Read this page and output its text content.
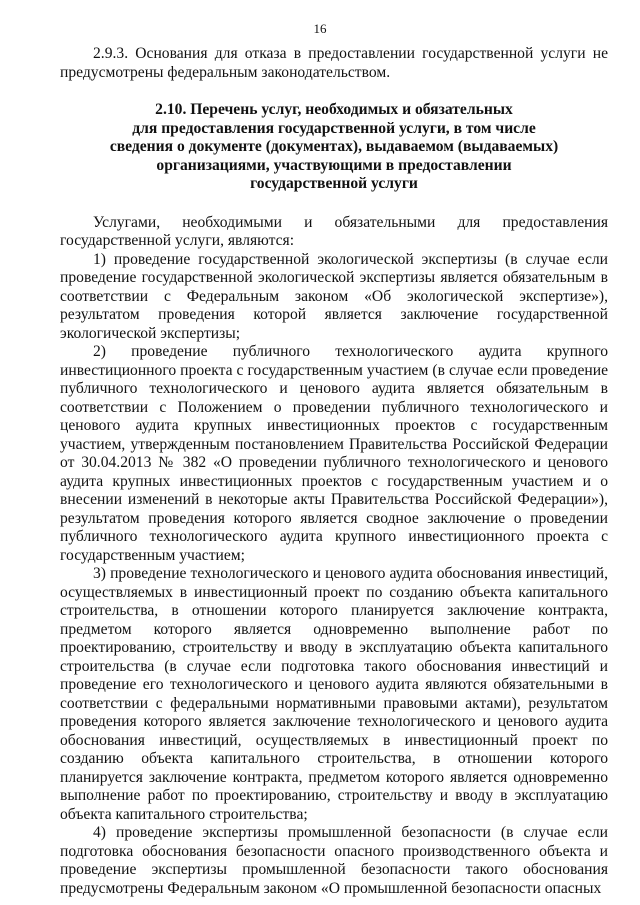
16

2.9.3. Основания для отказа в предоставлении государственной услуги не предусмотрены федеральным законодательством.

2.10. Перечень услуг, необходимых и обязательных
для предоставления государственной услуги, в том числе
сведения о документе (документах), выдаваемом (выдаваемых)
организациями, участвующими в предоставлении
государственной услуги

Услугами, необходимыми и обязательными для предоставления государственной услуги, являются:

1) проведение государственной экологической экспертизы (в случае если проведение государственной экологической экспертизы является обязательным в соответствии с Федеральным законом «Об экологической экспертизе»), результатом проведения которой является заключение государственной экологической экспертизы;

2) проведение публичного технологического аудита крупного инвестиционного проекта с государственным участием (в случае если проведение публичного технологического и ценового аудита является обязательным в соответствии с Положением о проведении публичного технологического и ценового аудита крупных инвестиционных проектов с государственным участием, утвержденным постановлением Правительства Российской Федерации от 30.04.2013 № 382 «О проведении публичного технологического и ценового аудита крупных инвестиционных проектов с государственным участием и о внесении изменений в некоторые акты Правительства Российской Федерации»), результатом проведения которого является сводное заключение о проведении публичного технологического аудита крупного инвестиционного проекта с государственным участием;

3) проведение технологического и ценового аудита обоснования инвестиций, осуществляемых в инвестиционный проект по созданию объекта капитального строительства, в отношении которого планируется заключение контракта, предметом которого является одновременно выполнение работ по проектированию, строительству и вводу в эксплуатацию объекта капитального строительства (в случае если подготовка такого обоснования инвестиций и проведение его технологического и ценового аудита являются обязательными в соответствии с федеральными нормативными правовыми актами), результатом проведения которого является заключение технологического и ценового аудита обоснования инвестиций, осуществляемых в инвестиционный проект по созданию объекта капитального строительства, в отношении которого планируется заключение контракта, предметом которого является одновременно выполнение работ по проектированию, строительству и вводу в эксплуатацию объекта капитального строительства;

4) проведение экспертизы промышленной безопасности (в случае если подготовка обоснования безопасности опасного производственного объекта и проведение экспертизы промышленной безопасности такого обоснования предусмотрены Федеральным законом «О промышленной безопасности опасных
